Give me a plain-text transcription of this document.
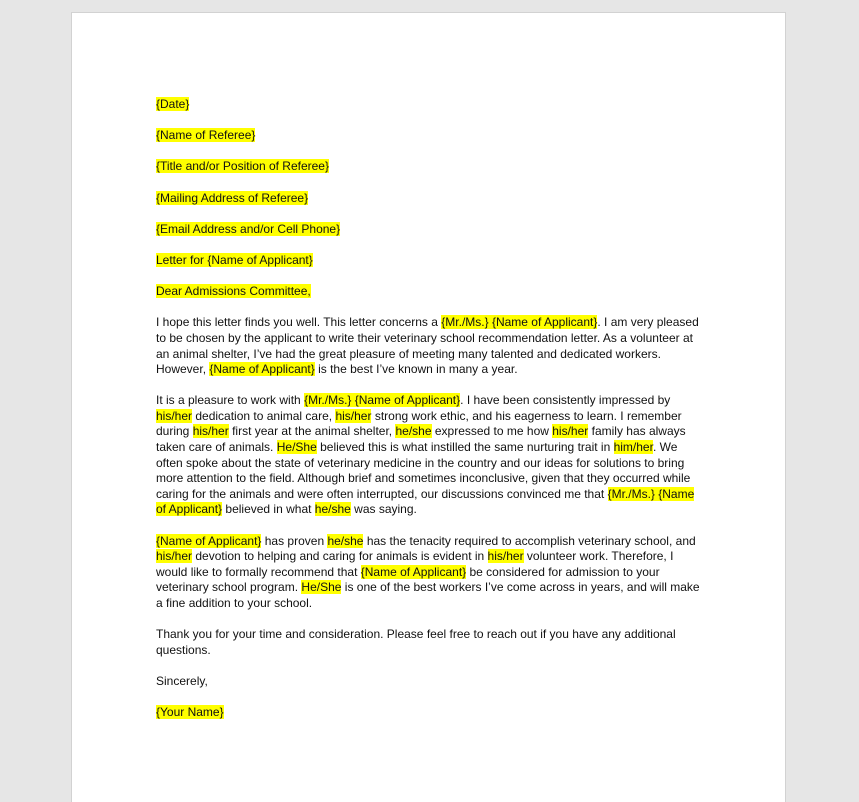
{Date}
{Name of Referee}
{Title and/or Position of Referee}
{Mailing Address of Referee}
{Email Address and/or Cell Phone}
Letter for {Name of Applicant}
Dear Admissions Committee,
I hope this letter finds you well. This letter concerns a {Mr./Ms.} {Name of Applicant}. I am very pleased to be chosen by the applicant to write their veterinary school recommendation letter. As a volunteer at an animal shelter, I’ve had the great pleasure of meeting many talented and dedicated workers. However, {Name of Applicant} is the best I’ve known in many a year.
It is a pleasure to work with {Mr./Ms.} {Name of Applicant}. I have been consistently impressed by his/her dedication to animal care, his/her strong work ethic, and his eagerness to learn. I remember during his/her first year at the animal shelter, he/she expressed to me how his/her family has always taken care of animals. He/She believed this is what instilled the same nurturing trait in him/her. We often spoke about the state of veterinary medicine in the country and our ideas for solutions to bring more attention to the field. Although brief and sometimes inconclusive, given that they occurred while caring for the animals and were often interrupted, our discussions convinced me that {Mr./Ms.} {Name of Applicant} believed in what he/she was saying.
{Name of Applicant} has proven he/she has the tenacity required to accomplish veterinary school, and his/her devotion to helping and caring for animals is evident in his/her volunteer work. Therefore, I would like to formally recommend that {Name of Applicant} be considered for admission to your veterinary school program. He/She is one of the best workers I’ve come across in years, and will make a fine addition to your school.
Thank you for your time and consideration. Please feel free to reach out if you have any additional questions.
Sincerely,
{Your Name}
